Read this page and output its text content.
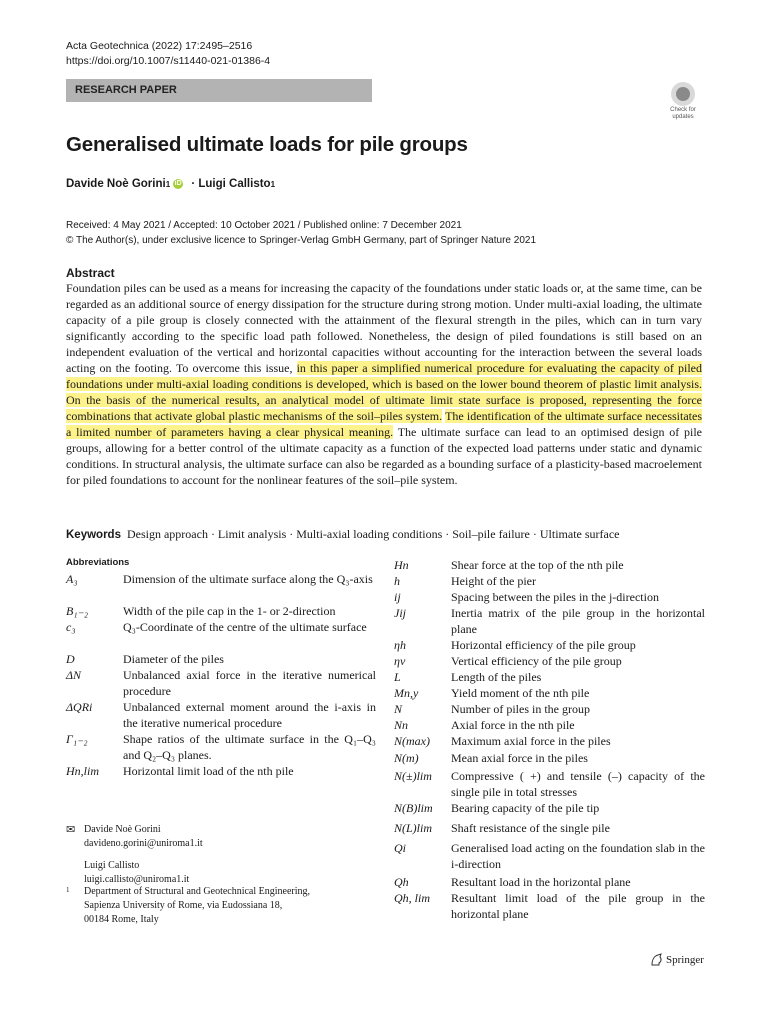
Acta Geotechnica (2022) 17:2495–2516
https://doi.org/10.1007/s11440-021-01386-4
RESEARCH PAPER
Check for
updates
Generalised ultimate loads for pile groups
Davide Noè Gorini 1 iD · Luigi Callisto 1
Received: 4 May 2021 / Accepted: 10 October 2021 / Published online: 7 December 2021
© The Author(s), under exclusive licence to Springer-Verlag GmbH Germany, part of Springer Nature 2021
Abstract
Foundation piles can be used as a means for increasing the capacity of the foundations under static loads or, at the same time, can be regarded as an additional source of energy dissipation for the structure during strong motion. Under multi-axial loading, the ultimate capacity of a pile group is closely connected with the attainment of the flexural strength in the piles, which can in turn vary significantly according to the specific load path followed. Nonetheless, the design of piled foundations is still based on an independent evaluation of the vertical and horizontal capacities without accounting for the interaction between the several loads acting on the footing. To overcome this issue, in this paper a simplified numerical procedure for evaluating the capacity of piled foundations under multi-axial loading conditions is developed, which is based on the lower bound theorem of plastic limit analysis. On the basis of the numerical results, an analytical model of ultimate limit state surface is proposed, representing the force combinations that activate global plastic mechanisms of the soil–piles system. The identification of the ultimate surface necessitates a limited number of parameters having a clear physical meaning. The ultimate surface can lead to an optimised design of pile groups, allowing for a better control of the ultimate capacity as a function of the expected load patterns under static and dynamic conditions. In structural analysis, the ultimate surface can also be regarded as a bounding surface of a plasticity-based macroelement for piled foundations to account for the nonlinear features of the soil–pile system.
Keywords Design approach · Limit analysis · Multi-axial loading conditions · Soil–pile failure · Ultimate surface
Abbreviations
A₃	Dimension of the ultimate surface along the Q₃-axis
B₁₋₂	Width of the pile cap in the 1- or 2-direction
c₃	Q₃-Coordinate of the centre of the ultimate surface
D	Diameter of the piles
ΔN	Unbalanced axial force in the iterative numerical procedure
ΔQRi	Unbalanced external moment around the i-axis in the iterative numerical procedure
Γ₁₋₂	Shape ratios of the ultimate surface in the Q₁–Q₃ and Q₂–Q₃ planes.
Hn,lim Horizontal limit load of the nth pile
Hn	Shear force at the top of the nth pile
h	Height of the pier
ij	Spacing between the piles in the j-direction
Jij	Inertia matrix of the pile group in the horizontal plane
ηh	Horizontal efficiency of the pile group
ηv	Vertical efficiency of the pile group
L	Length of the piles
Mn,y	Yield moment of the nth pile
N	Number of piles in the group
Nn	Axial force in the nth pile
N(max) Maximum axial force in the piles
N(m)	Mean axial force in the piles
N(±)lim Compressive ( +) and tensile (–) capacity of the single pile in total stresses
N(B)lim Bearing capacity of the pile tip
N(L)lim Shaft resistance of the single pile
Qi	Generalised load acting on the foundation slab in the i-direction
Qh	Resultant load in the horizontal plane
Qh, lim Resultant limit load of the pile group in the horizontal plane
✉ Davide Noè Gorini
davideno.gorini@uniroma1.it
Luigi Callisto
luigi.callisto@uniroma1.it
1 Department of Structural and Geotechnical Engineering,
Sapienza University of Rome, via Eudossiana 18,
00184 Rome, Italy
Springer
